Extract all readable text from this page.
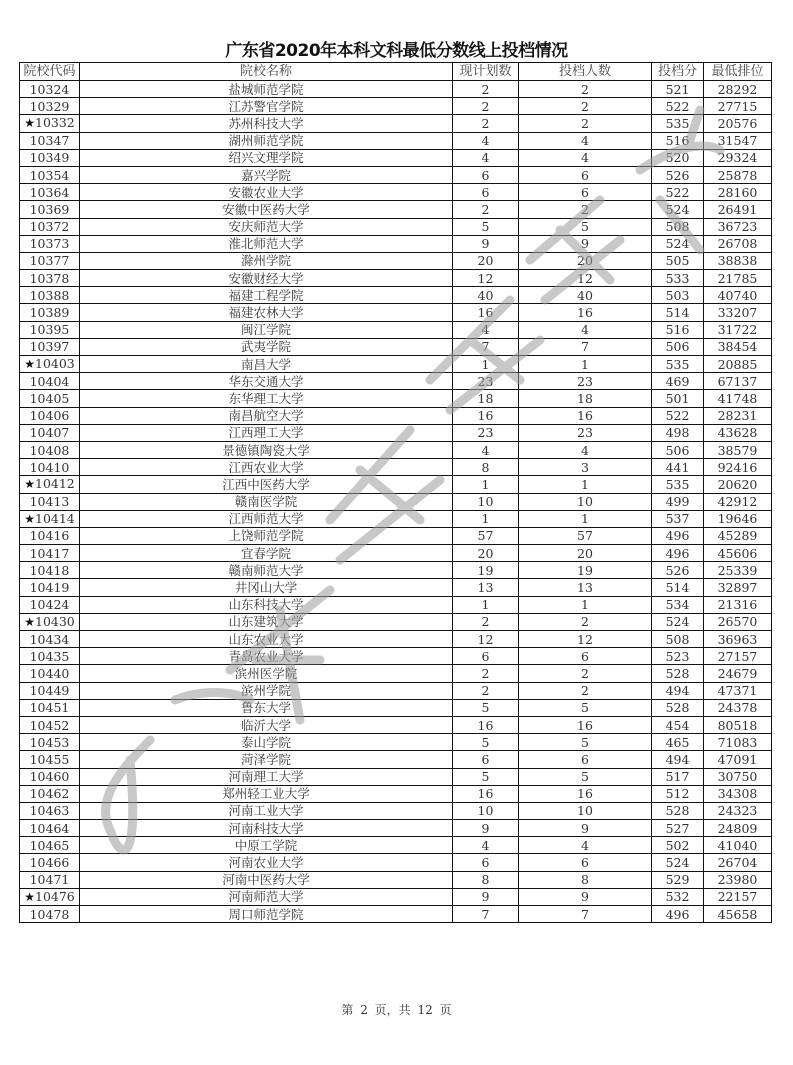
广东省2020年本科文科最低分数线上投档情况
院校代码	院校名称	现计划数	投档人数	投档分	最低排位
10324	盐城师范学院	2	2	521	28292
10329	江苏警官学院	2	2	522	27715
★10332	苏州科技大学	2	2	535	20576
10347	湖州师范学院	4	4	516	31547
10349	绍兴文理学院	4	4	520	29324
10354	嘉兴学院	6	6	526	25878
10364	安徽农业大学	6	6	522	28160
10369	安徽中医药大学	2	2	524	26491
10372	安庆师范大学	5	5	508	36723
10373	淮北师范大学	9	9	524	26708
10377	滁州学院	20	20	505	38838
10378	安徽财经大学	12	12	533	21785
10388	福建工程学院	40	40	503	40740
10389	福建农林大学	16	16	514	33207
10395	闽江学院	4	4	516	31722
10397	武夷学院	7	7	506	38454
★10403	南昌大学	1	1	535	20885
10404	华东交通大学	23	23	469	67137
10405	东华理工大学	18	18	501	41748
10406	南昌航空大学	16	16	522	28231
10407	江西理工大学	23	23	498	43628
10408	景德镇陶瓷大学	4	4	506	38579
10410	江西农业大学	8	3	441	92416
★10412	江西中医药大学	1	1	535	20620
10413	赣南医学院	10	10	499	42912
★10414	江西师范大学	1	1	537	19646
10416	上饶师范学院	57	57	496	45289
10417	宜春学院	20	20	496	45606
10418	赣南师范大学	19	19	526	25339
10419	井冈山大学	13	13	514	32897
10424	山东科技大学	1	1	534	21316
★10430	山东建筑大学	2	2	524	26570
10434	山东农业大学	12	12	508	36963
10435	青岛农业大学	6	6	523	27157
10440	滨州医学院	2	2	528	24679
10449	滨州学院	2	2	494	47371
10451	鲁东大学	5	5	528	24378
10452	临沂大学	16	16	454	80518
10453	泰山学院	5	5	465	71083
10455	菏泽学院	6	6	494	47091
10460	河南理工大学	5	5	517	30750
10462	郑州轻工业大学	16	16	512	34308
10463	河南工业大学	10	10	528	24323
10464	河南科技大学	9	9	527	24809
10465	中原工学院	4	4	502	41040
10466	河南农业大学	6	6	524	26704
10471	河南中医药大学	8	8	529	23980
★10476	河南师范大学	9	9	532	22157
10478	周口师范学院	7	7	496	45658
第 2 页，共 12 页
